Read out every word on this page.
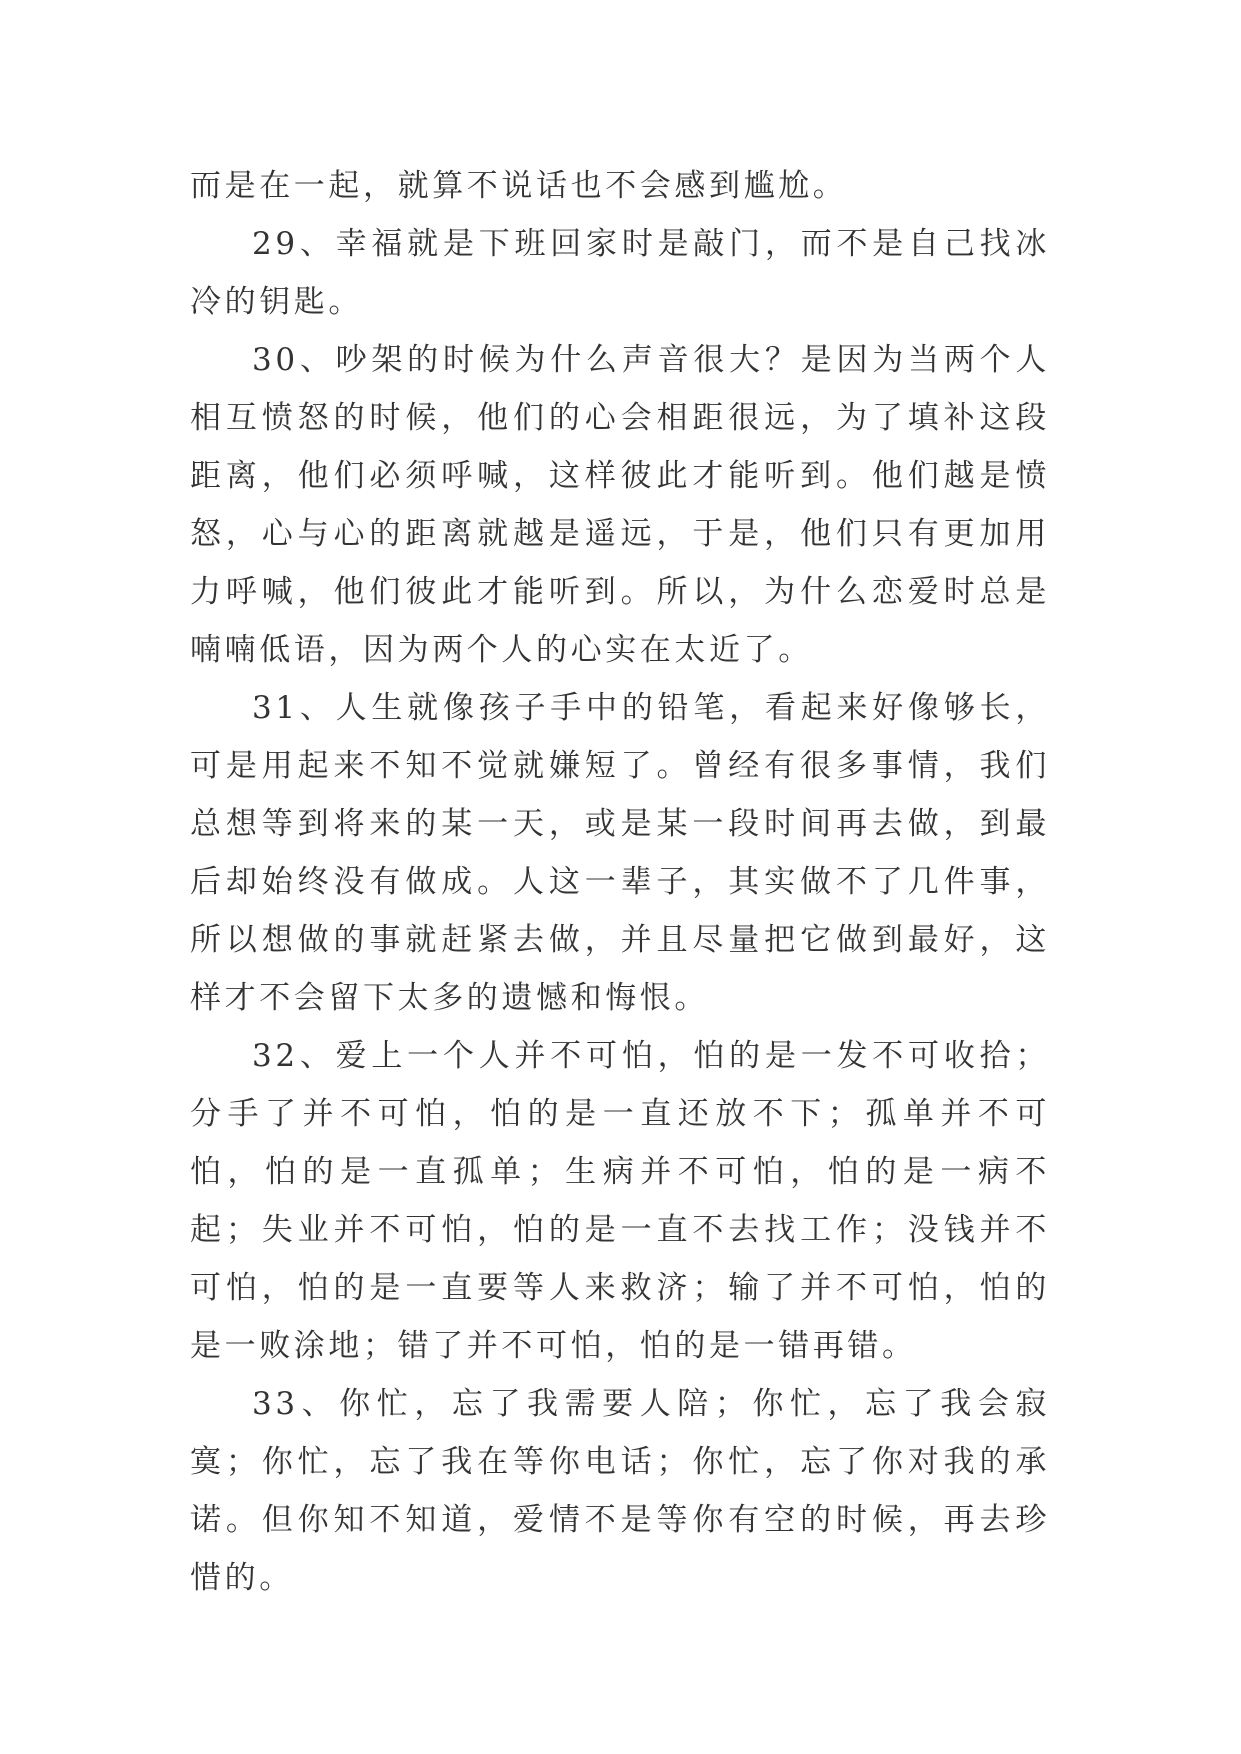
而是在一起，就算不说话也不会感到尴尬。

29、幸福就是下班回家时是敲门，而不是自己找冰冷的钥匙。

30、吵架的时候为什么声音很大？是因为当两个人相互愤怒的时候，他们的心会相距很远，为了填补这段距离，他们必须呼喊，这样彼此才能听到。他们越是愤怒，心与心的距离就越是遥远，于是，他们只有更加用力呼喊，他们彼此才能听到。所以，为什么恋爱时总是喃喃低语，因为两个人的心实在太近了。

31、人生就像孩子手中的铅笔，看起来好像够长，可是用起来不知不觉就嫌短了。曾经有很多事情，我们总想等到将来的某一天，或是某一段时间再去做，到最后却始终没有做成。人这一辈子，其实做不了几件事，所以想做的事就赶紧去做，并且尽量把它做到最好，这样才不会留下太多的遗憾和悔恨。

32、爱上一个人并不可怕，怕的是一发不可收拾；分手了并不可怕，怕的是一直还放不下；孤单并不可怕，怕的是一直孤单；生病并不可怕，怕的是一病不起；失业并不可怕，怕的是一直不去找工作；没钱并不可怕，怕的是一直要等人来救济；输了并不可怕，怕的是一败涂地；错了并不可怕，怕的是一错再错。

33、你忙，忘了我需要人陪；你忙，忘了我会寂寞；你忙，忘了我在等你电话；你忙，忘了你对我的承诺。但你知不知道，爱情不是等你有空的时候，再去珍惜的。
